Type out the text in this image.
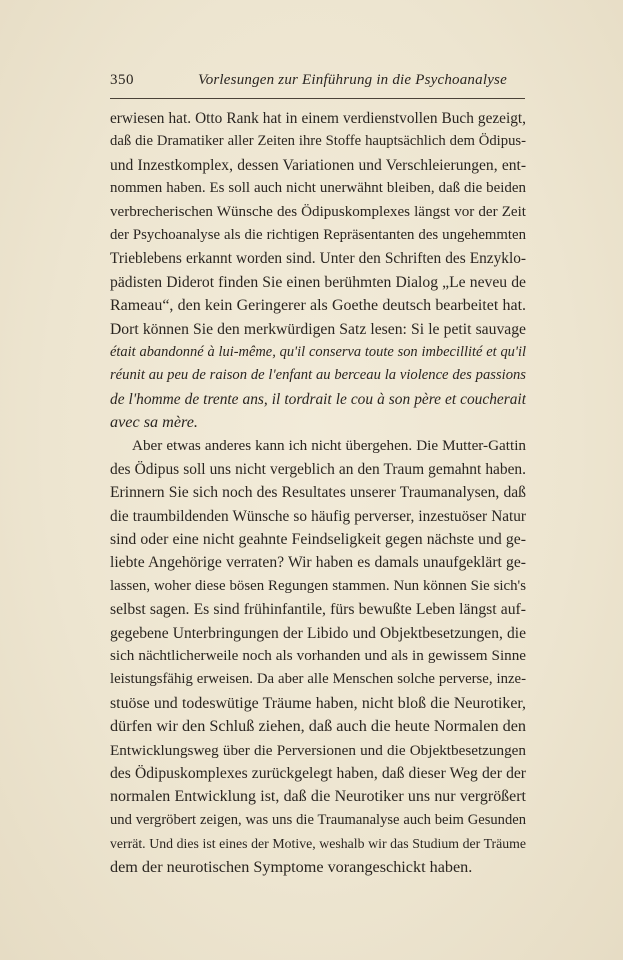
350	Vorlesungen zur Einführung in die Psychoanalyse
erwiesen hat. Otto Rank hat in einem verdienstvollen Buch gezeigt,
daß die Dramatiker aller Zeiten ihre Stoffe hauptsächlich dem Ödipus-
und Inzestkomplex, dessen Variationen und Verschleierungen, ent-
nommen haben. Es soll auch nicht unerwähnt bleiben, daß die beiden
verbrecherischen Wünsche des Ödipuskomplexes längst vor der Zeit
der Psychoanalyse als die richtigen Repräsentanten des ungehemmten
Trieblebens erkannt worden sind. Unter den Schriften des Enzyklo-
pädisten Diderot finden Sie einen berühmten Dialog „Le neveu de
Rameau“, den kein Geringerer als Goethe deutsch bearbeitet hat.
Dort können Sie den merkwürdigen Satz lesen: Si le petit sauvage
était abandonné à lui-même, qu'il conserva toute son imbecillité et qu'il
réunit au peu de raison de l'enfant au berceau la violence des passions
de l'homme de trente ans, il tordrait le cou à son père et coucherait
avec sa mère.
Aber etwas anderes kann ich nicht übergehen. Die Mutter-Gattin
des Ödipus soll uns nicht vergeblich an den Traum gemahnt haben.
Erinnern Sie sich noch des Resultates unserer Traumanalysen, daß
die traumbildenden Wünsche so häufig perverser, inzestuöser Natur
sind oder eine nicht geahnte Feindseligkeit gegen nächste und ge-
liebte Angehörige verraten? Wir haben es damals unaufgeklärt ge-
lassen, woher diese bösen Regungen stammen. Nun können Sie sich's
selbst sagen. Es sind frühinfantile, fürs bewußte Leben längst auf-
gegebene Unterbringungen der Libido und Objektbesetzungen, die
sich nächtlicherweile noch als vorhanden und als in gewissem Sinne
leistungsfähig erweisen. Da aber alle Menschen solche perverse, inze-
stuöse und todeswütige Träume haben, nicht bloß die Neurotiker,
dürfen wir den Schluß ziehen, daß auch die heute Normalen den
Entwicklungsweg über die Perversionen und die Objektbesetzungen
des Ödipuskomplexes zurückgelegt haben, daß dieser Weg der der
normalen Entwicklung ist, daß die Neurotiker uns nur vergrößert
und vergröbert zeigen, was uns die Traumanalyse auch beim Gesunden
verrät. Und dies ist eines der Motive, weshalb wir das Studium der Träume
dem der neurotischen Symptome vorangeschickt haben.
